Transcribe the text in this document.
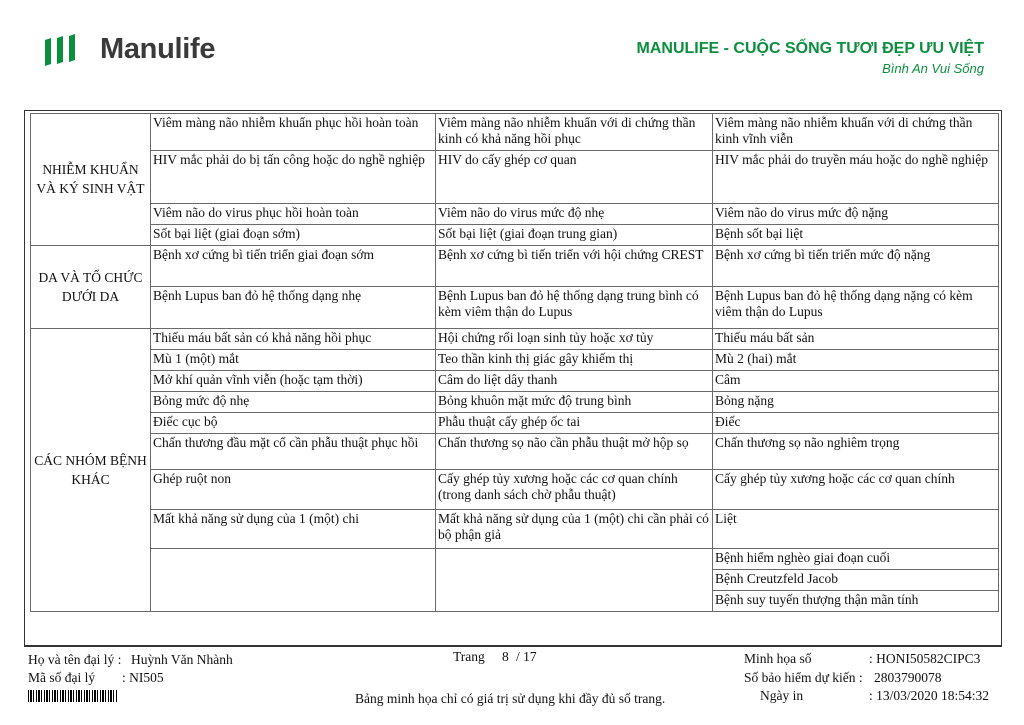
Manulife	MANULIFE - CUỘC SỐNG TƯƠI ĐẸP ƯU VIỆT
Bình An Vui Sống
NHIỄM KHUẨN VÀ KÝ SINH VẬT	Viêm màng não nhiễm khuẩn phục hồi hoàn toàn	Viêm màng não nhiễm khuẩn với di chứng thần kinh có khả năng hồi phục	Viêm màng não nhiễm khuẩn với di chứng thần kinh vĩnh viễn
	HIV mắc phải do bị tấn công hoặc do nghề nghiệp	HIV do cấy ghép cơ quan	HIV mắc phải do truyền máu hoặc do nghề nghiệp
	Viêm não do virus phục hồi hoàn toàn	Viêm não do virus mức độ nhẹ	Viêm não do virus mức độ nặng
	Sốt bại liệt (giai đoạn sớm)	Sốt bại liệt (giai đoạn trung gian)	Bệnh sốt bại liệt
DA VÀ TỔ CHỨC DƯỚI DA	Bệnh xơ cứng bì tiến triển giai đoạn sớm	Bệnh xơ cứng bì tiến triển với hội chứng CREST	Bệnh xơ cứng bì tiến triển mức độ nặng
	Bệnh Lupus ban đỏ hệ thống dạng nhẹ	Bệnh Lupus ban đỏ hệ thống dạng trung bình có kèm viêm thận do Lupus	Bệnh Lupus ban đỏ hệ thống dạng nặng có kèm viêm thận do Lupus
CÁC NHÓM BỆNH KHÁC	Thiếu máu bất sản có khả năng hồi phục	Hội chứng rối loạn sinh tủy hoặc xơ tủy	Thiếu máu bất sản
	Mù 1 (một) mắt	Teo thần kinh thị giác gây khiếm thị	Mù 2 (hai) mắt
	Mở khí quản vĩnh viễn (hoặc tạm thời)	Câm do liệt dây thanh	Câm
	Bỏng mức độ nhẹ	Bỏng khuôn mặt mức độ trung bình	Bỏng nặng
	Điếc cục bộ	Phẫu thuật cấy ghép ốc tai	Điếc
	Chấn thương đầu mặt cổ cần phẫu thuật phục hồi	Chấn thương sọ não cần phẫu thuật mở hộp sọ	Chấn thương sọ não nghiêm trọng
	Ghép ruột non	Cấy ghép tủy xương hoặc các cơ quan chính (trong danh sách chờ phẫu thuật)	Cấy ghép tủy xương hoặc các cơ quan chính
	Mất khả năng sử dụng của 1 (một) chi	Mất khả năng sử dụng của 1 (một) chi cần phải có bộ phận giả	Liệt
			Bệnh hiểm nghèo giai đoạn cuối
			Bệnh Creutzfeld Jacob
			Bệnh suy tuyến thượng thận mãn tính
Họ và tên đại lý : Huỳnh Văn Nhành
Mã số đại lý : NI505
Trang 8 / 17
Bảng minh họa chỉ có giá trị sử dụng khi đầy đủ số trang.
Minh họa số	: HONI50582CIPC3
Số bảo hiểm dự kiến : 2803790078
Ngày in	: 13/03/2020 18:54:32
